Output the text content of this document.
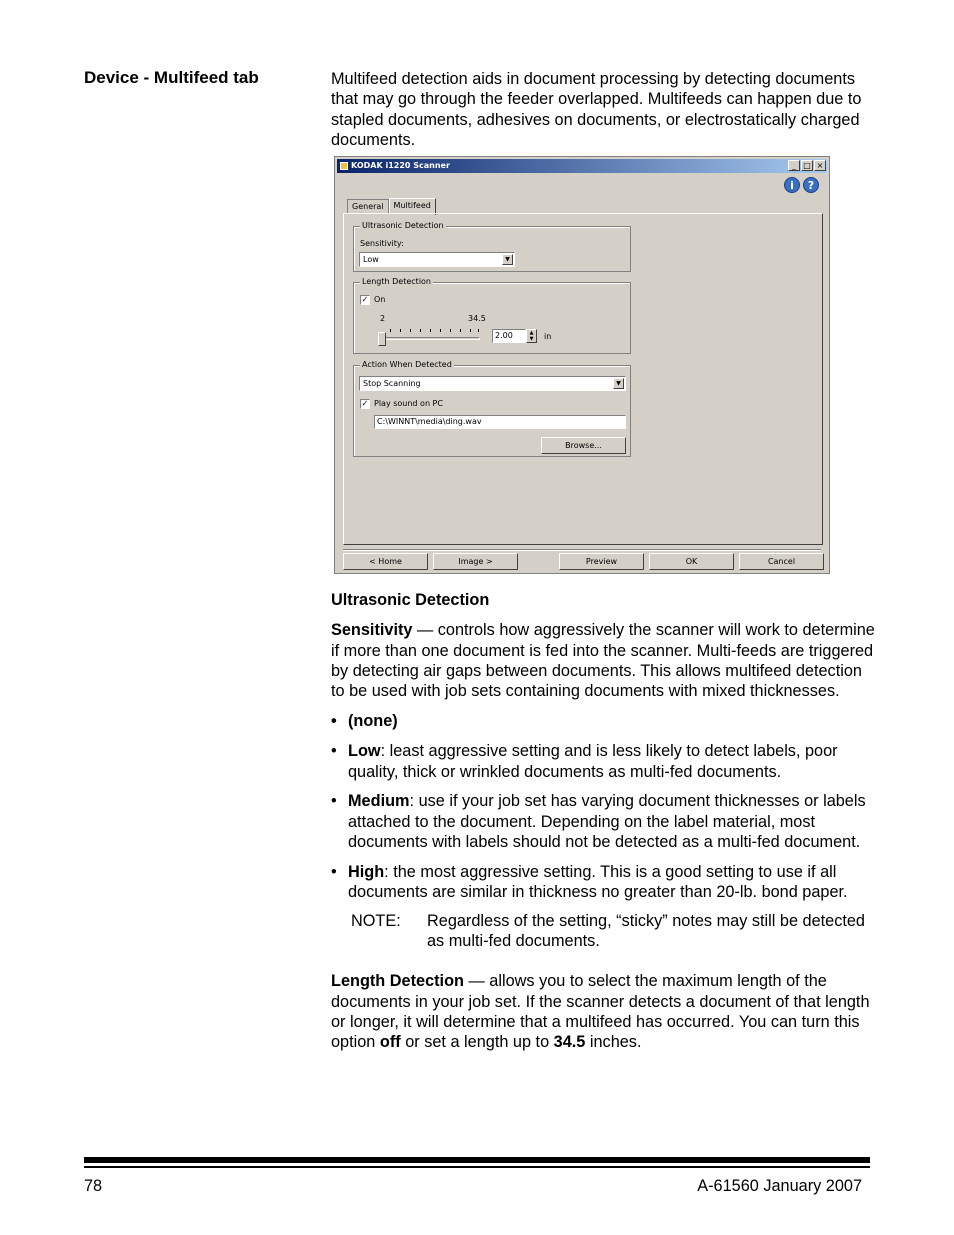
Device - Multifeed tab	Multifeed detection aids in document processing by detecting documents that may go through the feeder overlapped. Multifeeds can happen due to stapled documents, adhesives on documents, or electrostatically charged documents.

KODAK i1220 Scanner	_ □ ×
i	?
General	Multifeed
Ultrasonic Detection
Sensitivity:
Low	▼
Length Detection
✓ On
2	34.5
2.00	▲
▼	in
Action When Detected
Stop Scanning	▼
✓ Play sound on PC
C:\WINNT\media\ding.wav
Browse...
< Home	Image >	Preview	OK	Cancel

Ultrasonic Detection

Sensitivity — controls how aggressively the scanner will work to determine if more than one document is fed into the scanner. Multi-feeds are triggered by detecting air gaps between documents. This allows multifeed detection to be used with job sets containing documents with mixed thicknesses.

• (none)
• Low: least aggressive setting and is less likely to detect labels, poor quality, thick or wrinkled documents as multi-fed documents.
• Medium: use if your job set has varying document thicknesses or labels attached to the document. Depending on the label material, most documents with labels should not be detected as a multi-fed document.
• High: the most aggressive setting. This is a good setting to use if all documents are similar in thickness no greater than 20-lb. bond paper.
NOTE: Regardless of the setting, “sticky” notes may still be detected as multi-fed documents.

Length Detection — allows you to select the maximum length of the documents in your job set. If the scanner detects a document of that length or longer, it will determine that a multifeed has occurred. You can turn this option off or set a length up to 34.5 inches.

78	A-61560 January 2007
